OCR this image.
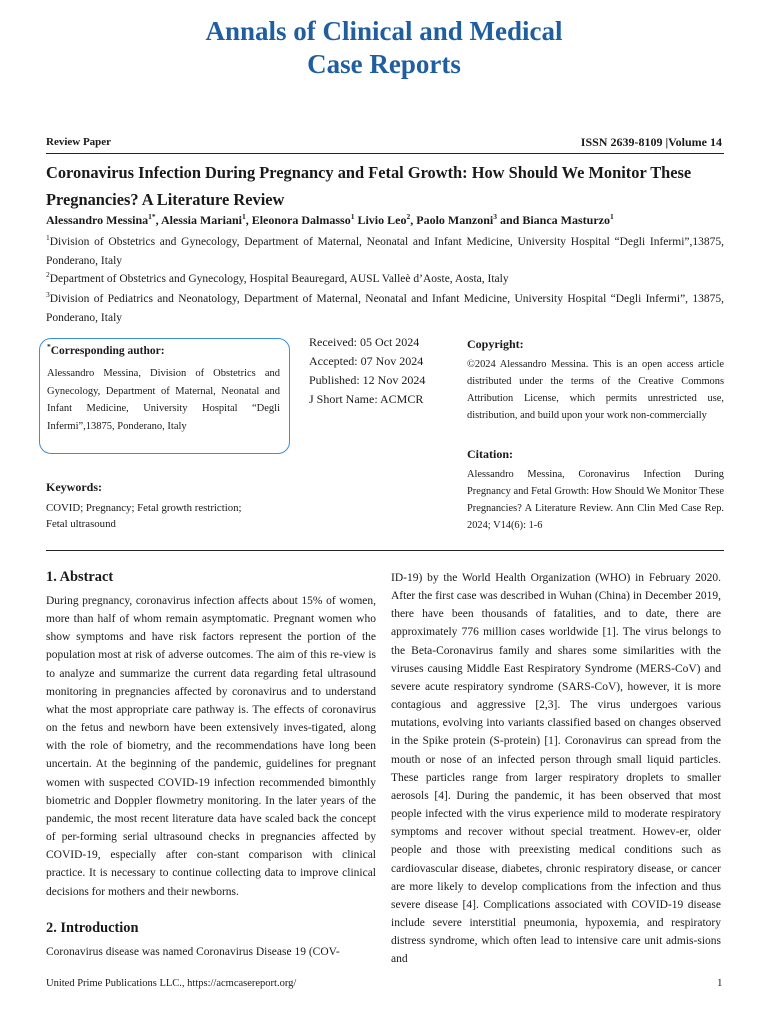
Annals of Clinical and Medical
Case Reports
Review Paper	ISSN 2639-8109 |Volume 14
Coronavirus Infection During Pregnancy and Fetal Growth: How Should We Monitor These Pregnancies? A Literature Review
Alessandro Messina$^{1*}$, Alessia Mariani$^1$, Eleonora Dalmasso$^1$ Livio Leo$^2$, Paolo Manzoni$^3$ and Bianca Masturzo$^1$
$^1$Division of Obstetrics and Gynecology, Department of Maternal, Neonatal and Infant Medicine, University Hospital “Degli Infermi”,13875, Ponderano, Italy
$^2$Department of Obstetrics and Gynecology, Hospital Beauregard, AUSL Valleè d’Aoste, Aosta, Italy
$^3$Division of Pediatrics and Neonatology, Department of Maternal, Neonatal and Infant Medicine, University Hospital “Degli Infermi”, 13875, Ponderano, Italy
*Corresponding author:
Alessandro Messina, Division of Obstetrics and Gynecology, Department of Maternal, Neonatal and Infant Medicine, University Hospital “Degli Infermi”,13875, Ponderano, Italy
Received: 05 Oct 2024
Accepted: 07 Nov 2024
Published: 12 Nov 2024
J Short Name: ACMCR
Copyright:
©2024 Alessandro Messina. This is an open access article distributed under the terms of the Creative Commons Attribution License, which permits unrestricted use, distribution, and build upon your work non-commercially
Citation:
Alessandro Messina, Coronavirus Infection During Pregnancy and Fetal Growth: How Should We Monitor These Pregnancies? A Literature Review. Ann Clin Med Case Rep. 2024; V14(6): 1-6
Keywords:
COVID; Pregnancy; Fetal growth restriction;
Fetal ultrasound
1. Abstract
During pregnancy, coronavirus infection affects about 15% of women, more than half of whom remain asymptomatic. Pregnant women who show symptoms and have risk factors represent the portion of the population most at risk of adverse outcomes. The aim of this re-view is to analyze and summarize the current data regarding fetal ultrasound monitoring in pregnancies affected by coronavirus and to understand what the most appropriate care pathway is. The effects of coronavirus on the fetus and newborn have been extensively inves-tigated, along with the role of biometry, and the recommendations have long been uncertain. At the beginning of the pandemic, guidelines for pregnant women with suspected COVID-19 infection recommended bimonthly biometric and Doppler flowmetry monitoring. In the later years of the pandemic, the most recent literature data have scaled back the concept of per-forming serial ultrasound checks in pregnancies affected by COVID-19, especially after con-stant comparison with clinical practice. It is necessary to continue collecting data to improve clinical decisions for mothers and their newborns.
2. Introduction
Coronavirus disease was named Coronavirus Disease 19 (COV-
ID-19) by the World Health Organization (WHO) in February 2020. After the first case was described in Wuhan (China) in December 2019, there have been thousands of fatalities, and to date, there are approximately 776 million cases worldwide [1]. The virus belongs to the Beta-Coronavirus family and shares some similarities with the viruses causing Middle East Respiratory Syndrome (MERS-CoV) and severe acute respiratory syndrome (SARS-CoV), however, it is more contagious and aggressive [2,3]. The virus undergoes various mutations, evolving into variants classified based on changes observed in the Spike protein (S-protein) [1]. Coronavirus can spread from the mouth or nose of an infected person through small liquid particles. These particles range from larger respiratory droplets to smaller aerosols [4]. During the pandemic, it has been observed that most people infected with the virus experience mild to moderate respiratory symptoms and recover without special treatment. Howev-er, older people and those with preexisting medical conditions such as cardiovascular disease, diabetes, chronic respiratory disease, or cancer are more likely to develop complications from the infection and thus severe disease [4]. Complications associated with COVID-19 disease include severe interstitial pneumonia, hypoxemia, and respiratory distress syndrome, which often lead to intensive care unit admis-sions and
United Prime Publications LLC., https://acmcasereport.org/	1
